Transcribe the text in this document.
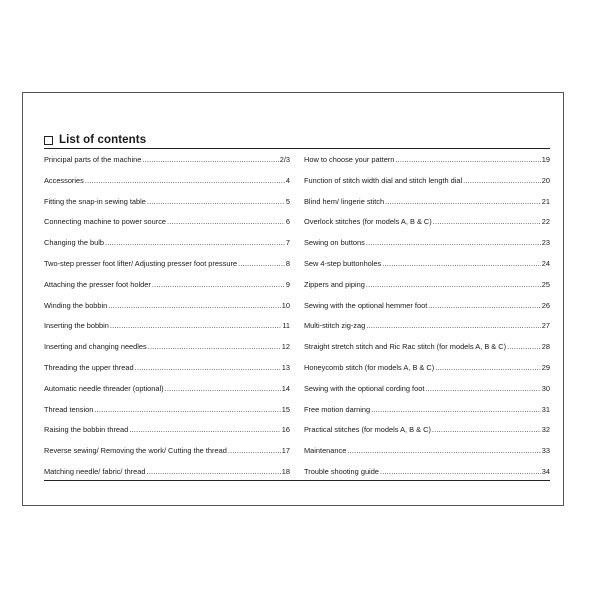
List of contents
Principal parts of the machine .....	2/3
Accessories .....	4
Fitting the snap-in sewing table .....	5
Connecting machine to power source .....	6
Changing the bulb .....	7
Two-step presser foot lifter/ Adjusting presser foot pressure .....	8
Attaching the presser foot holder .....	9
Winding the bobbin .....	10
Inserting the bobbin .....	11
Inserting and changing needles .....	12
Threading the upper thread .....	13
Automatic needle threader (optional) .....	14
Thread tension .....	15
Raising the bobbin thread .....	16
Reverse sewing/ Removing the work/ Cutting the thread .....	17
Matching needle/ fabric/ thread .....	18
How to choose your pattern .....	19
Function of stitch width dial and stitch length dial .....	20
Blind hem/ lingerie stitch .....	21
Overlock stitches (for models A, B & C) .....	22
Sewing on buttons .....	23
Sew 4-step buttonholes .....	24
Zippers and piping .....	25
Sewing with the optional hemmer foot .....	26
Multi-stitch zig-zag .....	27
Straight stretch stitch and Ric Rac stitch (for models A, B & C) .....	28
Honeycomb stitch (for models A, B & C) .....	29
Sewing with the optional cording foot .....	30
Free motion darning .....	31
Practical stitches (for models A, B & C) .....	32
Maintenance .....	33
Trouble shooting guide .....	34
